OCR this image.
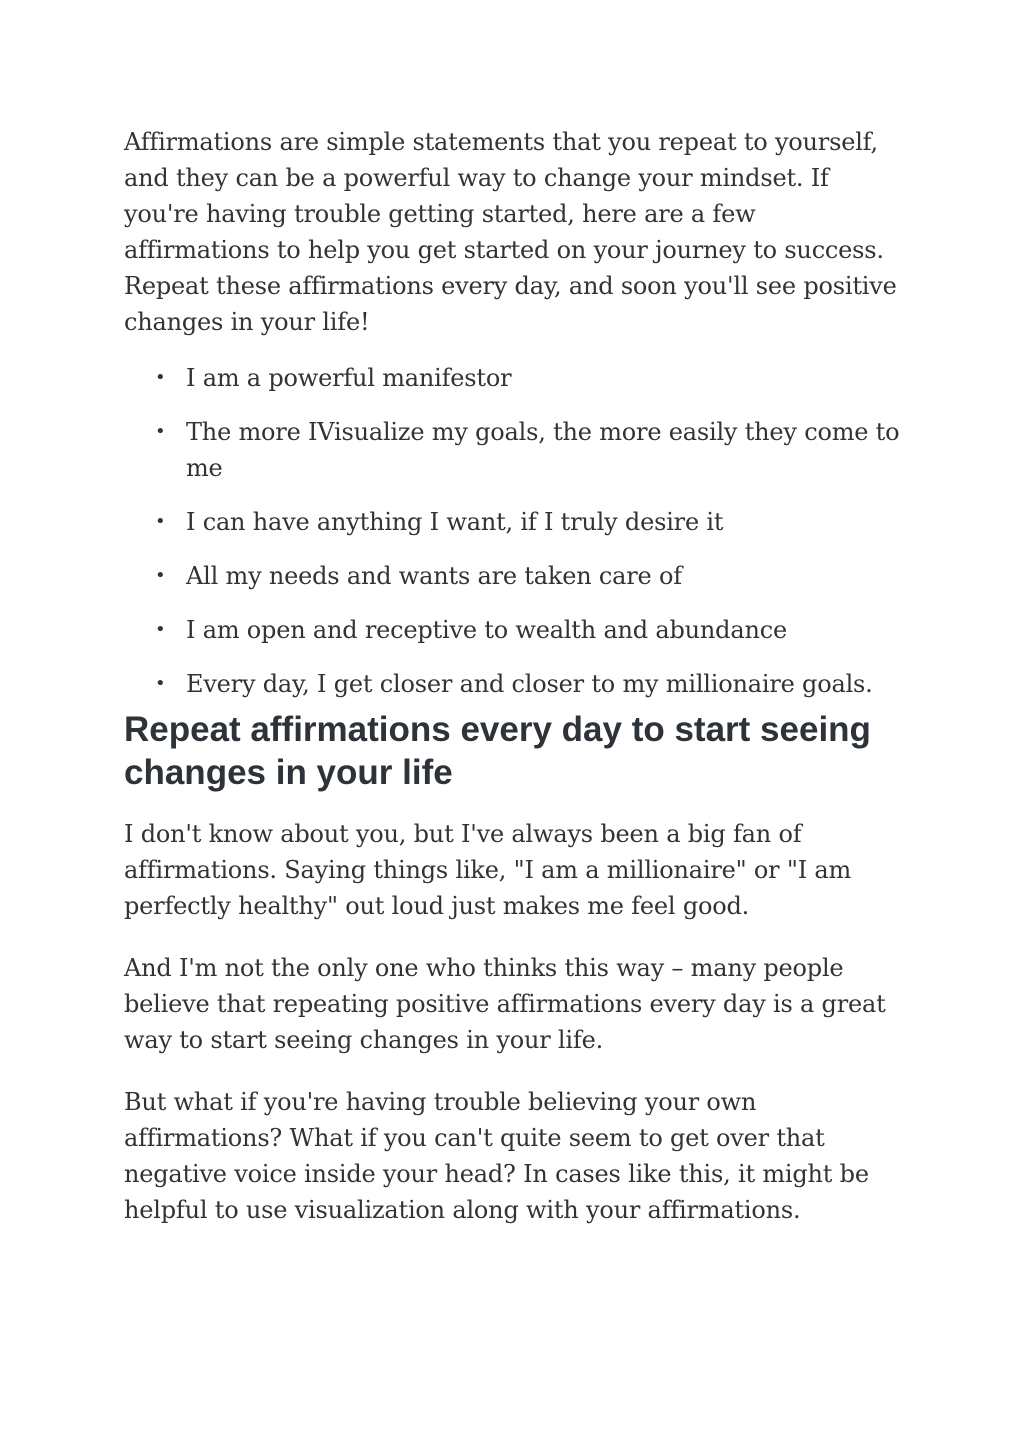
Affirmations are simple statements that you repeat to yourself, and they can be a powerful way to change your mindset. If you're having trouble getting started, here are a few affirmations to help you get started on your journey to success. Repeat these affirmations every day, and soon you'll see positive changes in your life!

• I am a powerful manifestor
• The more IVisualize my goals, the more easily they come to me
• I can have anything I want, if I truly desire it
• All my needs and wants are taken care of
• I am open and receptive to wealth and abundance
• Every day, I get closer and closer to my millionaire goals.
Repeat affirmations every day to start seeing changes in your life

I don't know about you, but I've always been a big fan of affirmations. Saying things like, "I am a millionaire" or "I am perfectly healthy" out loud just makes me feel good.

And I'm not the only one who thinks this way – many people believe that repeating positive affirmations every day is a great way to start seeing changes in your life.

But what if you're having trouble believing your own affirmations? What if you can't quite seem to get over that negative voice inside your head? In cases like this, it might be helpful to use visualization along with your affirmations.
